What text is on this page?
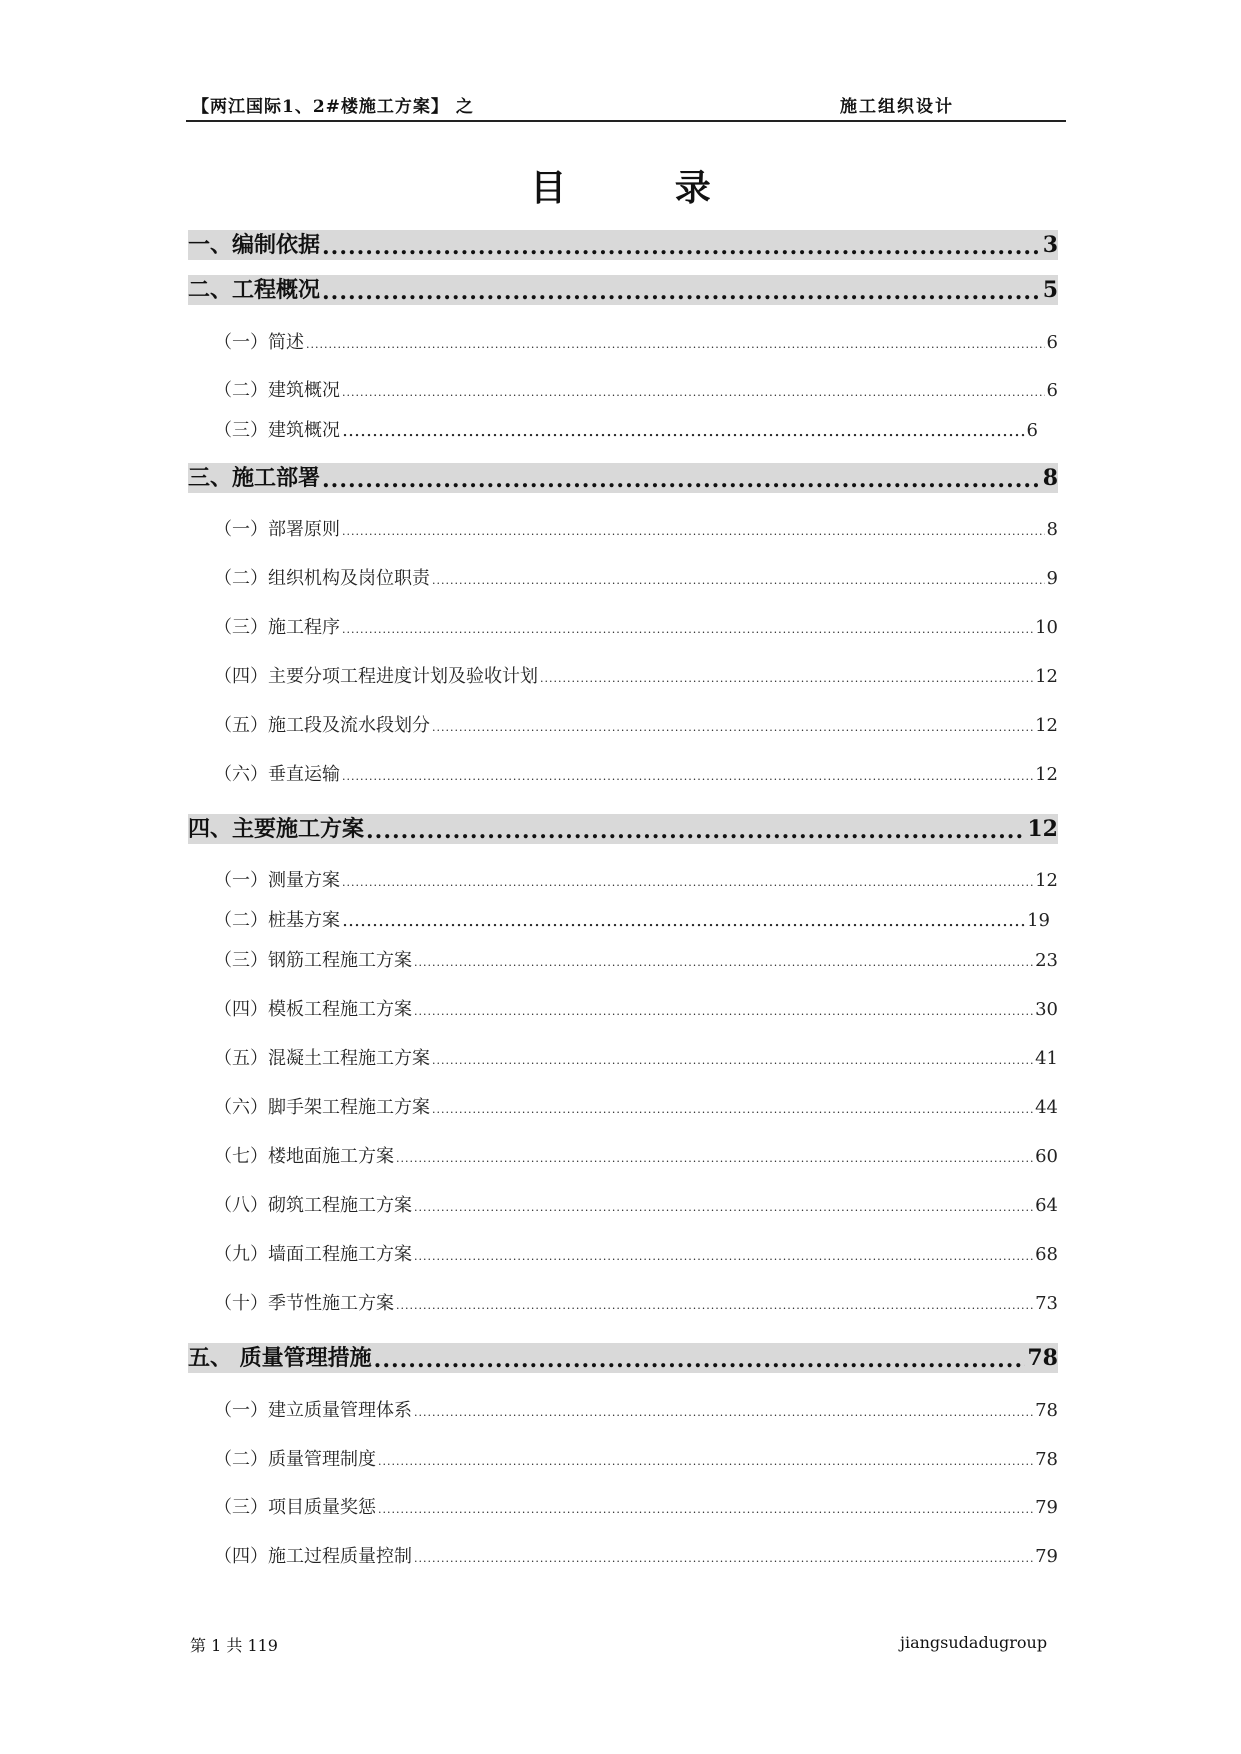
【两江国际1、2#楼施工方案】 之	施工组织设计
目 录
一、编制依据 .....	3
二、工程概况 .....	5
（一）简述 .....	6
（二）建筑概况 .....	6
（三）建筑概况 …………………………………………………………………………………………………………………………………………………………………………	6
三、施工部署 .....	8
（一）部署原则 .....	8
（二）组织机构及岗位职责 .....	9
（三）施工程序 .....	10
（四）主要分项工程进度计划及验收计划 .....	12
（五）施工段及流水段划分 .....	12
（六）垂直运输 .....	12
四、主要施工方案 .....	12
（一）测量方案 .....	12
（二）桩基方案 …………………………………………………………………………………………………………………………………………………………………………	19
（三）钢筋工程施工方案 .....	23
（四）模板工程施工方案 .....	30
（五）混凝土工程施工方案 .....	41
（六）脚手架工程施工方案 .....	44
（七）楼地面施工方案 .....	60
（八）砌筑工程施工方案 .....	64
（九）墙面工程施工方案 .....	68
（十）季节性施工方案 .....	73
五、 质量管理措施 .....	78
（一）建立质量管理体系 .....	78
（二）质量管理制度 .....	78
（三）项目质量奖惩 .....	79
（四）施工过程质量控制 .....	79
第 1 共 119	jiangsudadugroup
